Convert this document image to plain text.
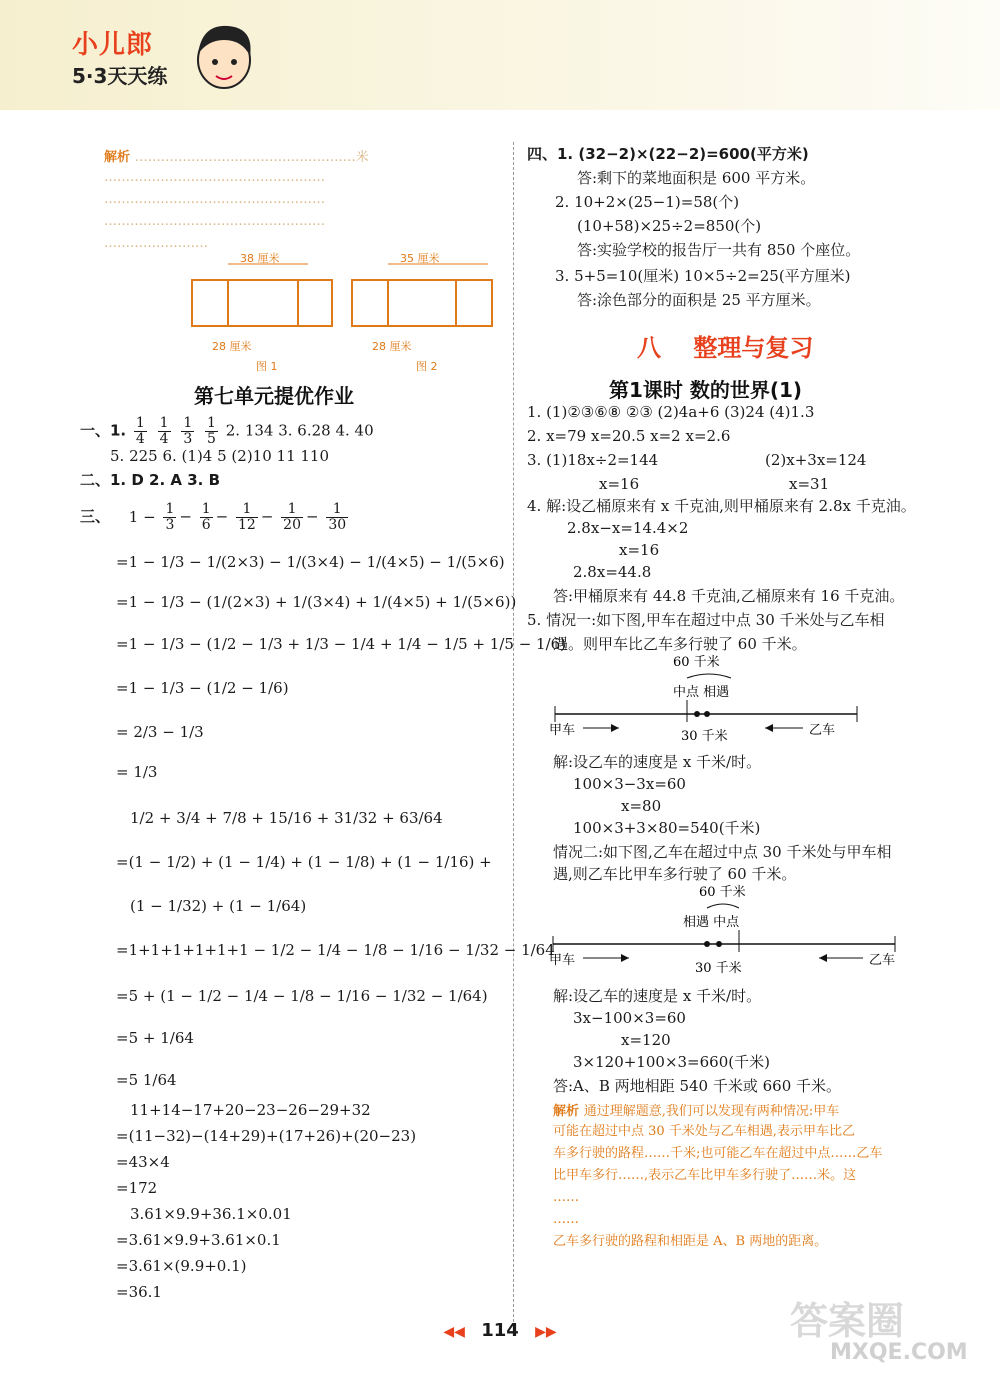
小儿郎
5·3天天练
解析 ……………………………………………米
……………………………………………
……………………………………………
……………………………………………
……………………
38 厘米
28 厘米
图 1
35 厘米
28 厘米
图 2
第七单元提优作业
一、1. $\frac{1}{4}$
$\frac{1}{4}$
$\frac{1}{3}$
$\frac{1}{5} 2$. 134 3. 6.28 4. 40
5. 225 6. (1)4 5 (2)10 11 110
二、1. D 2. A 3. B
三、 $1 - \frac{1}{3} - \frac{1}{6} - \frac{1}{12} - \frac{1}{20} - \frac{1}{30}$
=1 − 1/3 − 1/(2×3) − 1/(3×4) − 1/(4×5) − 1/(5×6)
=1 − 1/3 − (1/(2×3) + 1/(3×4) + 1/(4×5) + 1/(5×6))
=1 − 1/3 − (1/2 − 1/3 + 1/3 − 1/4 + 1/4 − 1/5 + 1/5 − 1/6)
=1 − 1/3 − (1/2 − 1/6)
= 2/3 − 1/3
= 1/3
1/2 + 3/4 + 7/8 + 15/16 + 31/32 + 63/64
=(1 − 1/2) + (1 − 1/4) + (1 − 1/8) + (1 − 1/16) +
(1 − 1/32) + (1 − 1/64)
=1+1+1+1+1+1 − 1/2 − 1/4 − 1/8 − 1/16 − 1/32 − 1/64
=5 + (1 − 1/2 − 1/4 − 1/8 − 1/16 − 1/32 − 1/64)
=5 + 1/64
=5 1/64
11+14−17+20−23−26−29+32
=(11−32)−(14+29)+(17+26)+(20−23)
=43×4
=172
3.61×9.9+36.1×0.01
=3.61×9.9+3.61×0.1
=3.61×(9.9+0.1)
=36.1
四、1. (32−2)×(22−2)=600(平方米)
答:剩下的菜地面积是 600 平方米。
2. 10+2×(25−1)=58(个)
(10+58)×25÷2=850(个)
答:实验学校的报告厅一共有 850 个座位。
3. 5+5=10(厘米) 10×5÷2=25(平方厘米)
答:涂色部分的面积是 25 平方厘米。
八 整理与复习
第1课时 数的世界(1)
1. (1)②③⑥⑧ ②③ (2)4a+6 (3)24 (4)1.3
2. x=79 x=20.5 x=2 x=2.6
3. (1)18x÷2=144	(2)x+3x=124
x=16	x=31
4. 解:设乙桶原来有 x 千克油,则甲桶原来有 2.8x 千克油。
2.8x−x=14.4×2
x=16
2.8x=44.8
答:甲桶原来有 44.8 千克油,乙桶原来有 16 千克油。
5. 情况一:如下图,甲车在超过中点 30 千米处与乙车相
遇。则甲车比乙车多行驶了 60 千米。
60 千米
中点 相遇
甲车	30 千米	乙车
解:设乙车的速度是 x 千米/时。
100×3−3x=60
x=80
100×3+3×80=540(千米)
情况二:如下图,乙车在超过中点 30 千米处与甲车相
遇,则乙车比甲车多行驶了 60 千米。
60 千米
相遇 中点
甲车
30 千米
乙车
解:设乙车的速度是 x 千米/时。
3x−100×3=60
x=120
3×120+100×3=660(千米)
答:A、B 两地相距 540 千米或 660 千米。
解析 通过理解题意,我们可以发现有两种情况:甲车
可能在超过中点 30 千米处与乙车相遇,表示甲车比乙
车多行驶的路程……千米;也可能乙车在超过中点……乙车
比甲车多行……,表示乙车比甲车多行驶了……米。这
……
……
乙车多行驶的路程和相距是 A、B 两地的距离。
◀◀ 114 ▶▶	答案圈
MXQE.COM
